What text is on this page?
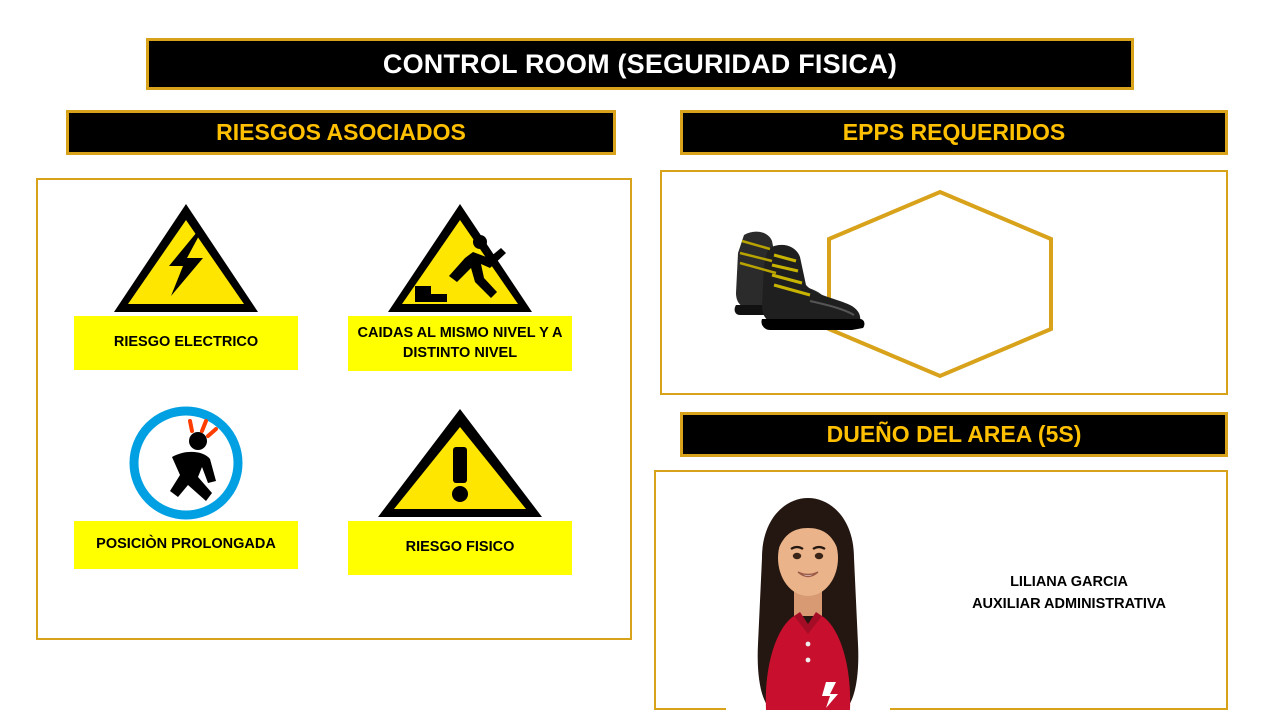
CONTROL ROOM (SEGURIDAD FISICA)
RIESGOS ASOCIADOS	EPPS REQUERIDOS
DUEÑO DEL AREA (5S)
RIESGO ELECTRICO
CAIDAS AL MISMO NIVEL Y A DISTINTO NIVEL
POSICIÒN PROLONGADA	RIESGO FISICO
LILIANA GARCIA
AUXILIAR ADMINISTRATIVA
